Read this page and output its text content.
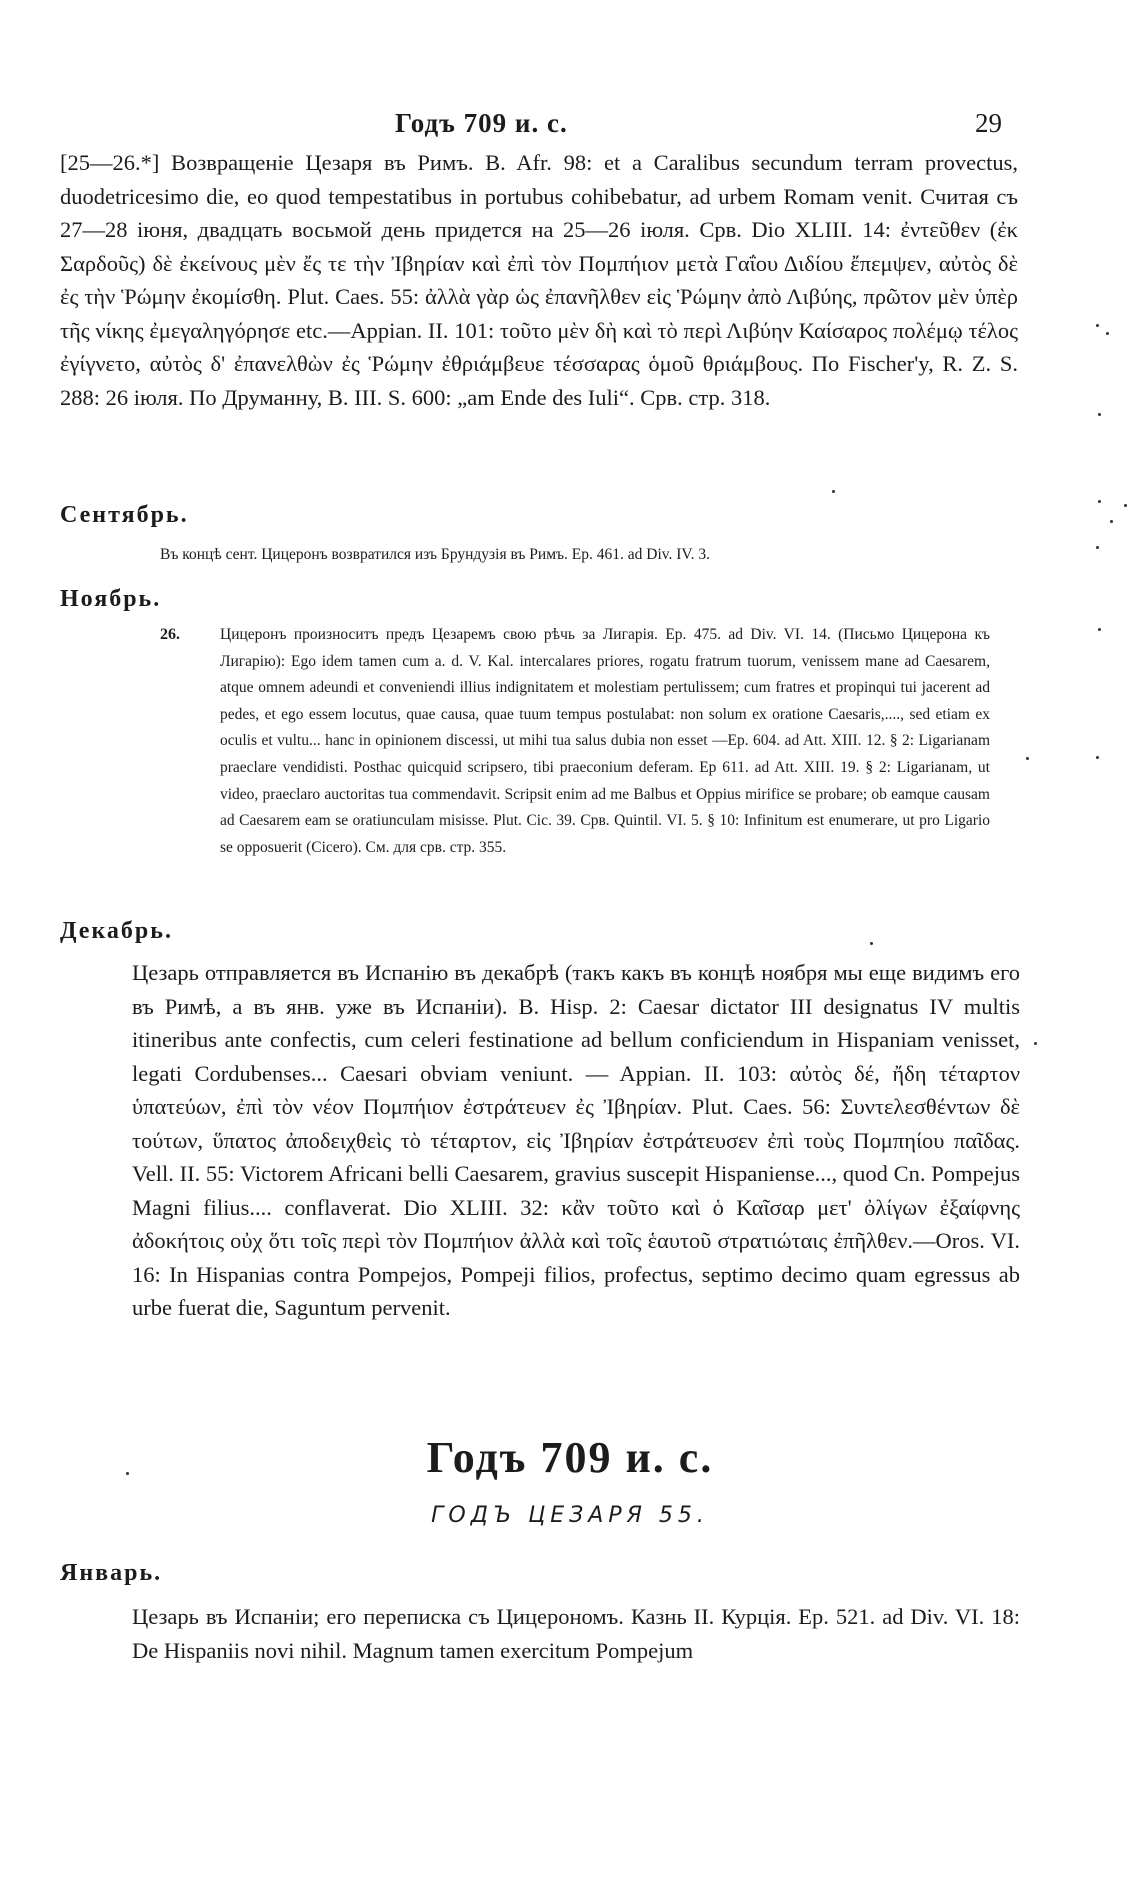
Годъ 709 и. с.	29

[25—26.*] Возвращеніе Цезаря въ Римъ. B. Afr. 98: et a Caralibus secundum terram provectus, duodetricesimo die, eo quod tempestatibus in portubus cohibebatur, ad urbem Romam venit. Считая съ 27—28 іюня, двадцать восьмой день придется на 25—26 іюля. Срв. Dio XLIII. 14: ἐντεῦθεν (ἐκ Σαρδοῦς) δὲ ἐκείνους μὲν ἔς τε τὴν Ἰβηρίαν καὶ ἐπὶ τὸν Πομπήιον μετὰ Γαΐου Διδίου ἔπεμψεν, αὐτὸς δὲ ἐς τὴν Ῥώμην ἐκομίσθη. Plut. Caes. 55: ἀλλὰ γὰρ ὡς ἐπανῆλθεν εἰς Ῥώμην ἀπὸ Λιβύης, πρῶτον μὲν ὑπὲρ τῆς νίκης ἐμεγαληγόρησε etc.—Appian. II. 101: τοῦτο μὲν δὴ καὶ τὸ περὶ Λιβύην Καίσαρος πολέμῳ τέλος ἐγίγνετο, αὐτὸς δ' ἐπανελθὼν ἐς Ῥώμην ἐθριάμβευε τέσσαρας ὁμοῦ θριάμβους. По Fischer'y, R. Z. S. 288: 26 іюля. По Друманну, B. III. S. 600: „am Ende des Iuli“. Срв. стр. 318.

Сентябрь.

Въ концѣ сент. Цицеронъ возвратился изъ Брундузія въ Римъ. Ep. 461. ad Div. IV. 3.

Ноябрь.
26.	Цицеронъ произноситъ предъ Цезаремъ свою рѣчь за Лигарія. Ep. 475. ad Div. VI. 14. (Письмо Цицерона къ Лигарію): Ego idem tamen cum a. d. V. Kal. intercalares priores, rogatu fratrum tuorum, venissem mane ad Caesarem, atque omnem adeundi et conveniendi illius indignitatem et molestiam pertulissem; cum fratres et propinqui tui jacerent ad pedes, et ego essem locutus, quae causa, quae tuum tempus postulabat: non solum ex oratione Caesaris,...., sed etiam ex oculis et vultu... hanc in opinionem discessi, ut mihi tua salus dubia non esset —Ep. 604. ad Att. XIII. 12. § 2: Ligarianam praeclare vendidisti. Posthac quicquid scripsero, tibi praeconium deferam. Ep 611. ad Att. XIII. 19. § 2: Ligarianam, ut video, praeclaro auctoritas tua commendavit. Scripsit enim ad me Balbus et Oppius mirifice se probare; ob eamque causam ad Caesarem eam se oratiunculam misisse. Plut. Cic. 39. Срв. Quintil. VI. 5. § 10: Infinitum est enumerare, ut pro Ligario se opposuerit (Cicero). См. для срв. стр. 355.

Декабрь.

Цезарь отправляется въ Испанію въ декабрѣ (такъ какъ въ концѣ ноября мы еще видимъ его въ Римѣ, а въ янв. уже въ Испаніи). B. Hisp. 2: Caesar dictator III designatus IV multis itineribus ante confectis, cum celeri festinatione ad bellum conficiendum in Hispaniam venisset, legati Cordubenses... Caesari obviam veniunt. — Appian. II. 103: αὐτὸς δέ, ἤδη τέταρτον ὑπατεύων, ἐπὶ τὸν νέον Πομπήιον ἐστράτευεν ἐς Ἰβηρίαν. Plut. Caes. 56: Συντελεσθέντων δὲ τούτων, ὕπατος ἀποδειχθεὶς τὸ τέταρτον, εἰς Ἰβηρίαν ἐστράτευσεν ἐπὶ τοὺς Πομπηίου παῖδας. Vell. II. 55: Victorem Africani belli Caesarem, gravius suscepit Hispaniense..., quod Cn. Pompejus Magni filius.... conflaverat. Dio XLIII. 32: κἂν τοῦτο καὶ ὁ Καῖσαρ μετ' ὀλίγων ἐξαίφνης ἀδοκήτοις οὐχ ὅτι τοῖς περὶ τὸν Πομπήιον ἀλλὰ καὶ τοῖς ἑαυτοῦ στρατιώταις ἐπῆλθεν.—Oros. VI. 16: In Hispanias contra Pompejos, Pompeji filios, profectus, septimo decimo quam egressus ab urbe fuerat die, Saguntum pervenit.

Годъ 709 и. с.
ГОДЪ ЦЕЗАРЯ 55.
Январь.

Цезарь въ Испаніи; его переписка съ Цицерономъ. Казнь II. Курція. Ep. 521. ad Div. VI. 18: De Hispaniis novi nihil. Magnum tamen exercitum Pompejum
